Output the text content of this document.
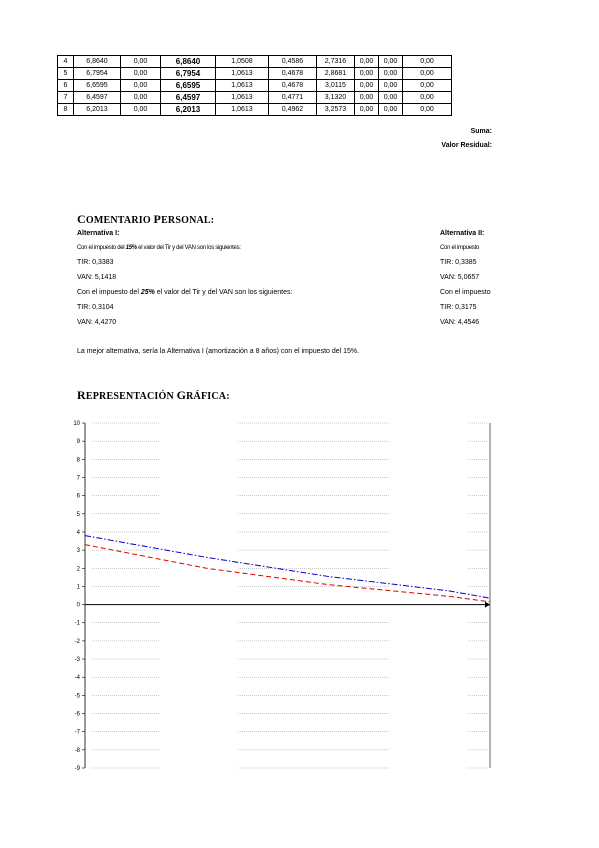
4	6,8640	0,00	6,8640	1,0508	0,4586	2,7316	0,00	0,00	0,00
5	6,7954	0,00	6,7954	1,0613	0,4678	2,8681	0,00	0,00	0,00
6	6,6595	0,00	6,6595	1,0613	0,4678	3,0115	0,00	0,00	0,00
7	6,4597	0,00	6,4597	1,0613	0,4771	3,1320	0,00	0,00	0,00
8	6,2013	0,00	6,2013	1,0613	0,4962	3,2573	0,00	0,00	0,00
Suma:
Valor Residual:
COMENTARIO PERSONAL:
Alternativa I:
Con el impuesto del 15% el valor del Tir y del VAN son los siguientes:
TIR: 0,3383
VAN: 5,1418
Con el impuesto del 25% el valor del Tir y del VAN son los siguientes:
TIR: 0,3104
VAN: 4,4270
Alternativa II:
Con el impuesto
TIR: 0,3385
VAN: 5,0657
Con el impuesto
TIR: 0,3175
VAN: 4,4546
La mejor alternativa, sería la Alternativa I (amortización a 8 años) con el impuesto del 15%.
REPRESENTACIÓN GRÁFICA:
10
9
8
7
6
5
4
3
2
1
0
-1
-2
-3
-4
-5
-6
-7
-8
-9
